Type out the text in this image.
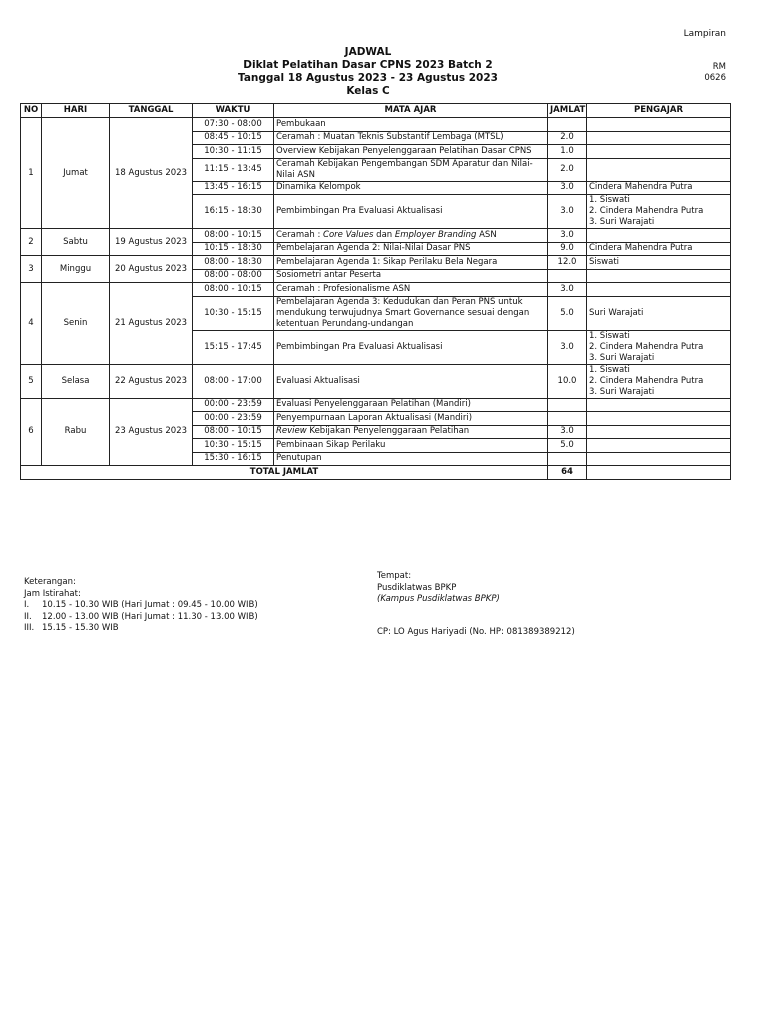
Lampiran
RM
0626
JADWAL
Diklat Pelatihan Dasar CPNS 2023 Batch 2
Tanggal 18 Agustus 2023 - 23 Agustus 2023
Kelas C
NO	HARI	TANGGAL	WAKTU	MATA AJAR	JAMLAT	PENGAJAR
1	Jumat	18 Agustus 2023	07:30 - 08:00	Pembukaan		
			08:45 - 10:15	Ceramah : Muatan Teknis Substantif Lembaga (MTSL)	2.0	
			10:30 - 11:15	Overview Kebijakan Penyelenggaraan Pelatihan Dasar CPNS	1.0	
			11:15 - 13:45	Ceramah Kebijakan Pengembangan SDM Aparatur dan Nilai-Nilai ASN	2.0	
			13:45 - 16:15	Dinamika Kelompok	3.0	Cindera Mahendra Putra

			16:15 - 18:30	Pembimbingan Pra Evaluasi Aktualisasi	3.0	1. Siswati
2. Cindera Mahendra Putra
3. Suri Warajati

2	Sabtu	19 Agustus 2023	08:00 - 10:15	Ceramah : Core Values dan Employer Branding ASN	3.0	
			10:15 - 18:30	Pembelajaran Agenda 2: Nilai-Nilai Dasar PNS	9.0	Cindera Mahendra Putra

3	Minggu	20 Agustus 2023	08:00 - 18:30	Pembelajaran Agenda 1: Sikap Perilaku Bela Negara	12.0	Siswati

			08:00 - 08:00	Sosiometri antar Peserta		
4	Senin	21 Agustus 2023	08:00 - 10:15	Ceramah : Profesionalisme ASN	3.0	
			10:30 - 15:15	Pembelajaran Agenda 3: Kedudukan dan Peran PNS untuk mendukung terwujudnya Smart Governance sesuai dengan ketentuan Perundang-undangan	5.0	Suri Warajati

			15:15 - 17:45	Pembimbingan Pra Evaluasi Aktualisasi	3.0	1. Siswati
2. Cindera Mahendra Putra
3. Suri Warajati

5	Selasa	22 Agustus 2023	08:00 - 17:00	Evaluasi Aktualisasi	10.0	1. Siswati
2. Cindera Mahendra Putra
3. Suri Warajati

6	Rabu	23 Agustus 2023	00:00 - 23:59	Evaluasi Penyelenggaraan Pelatihan (Mandiri)		
			00:00 - 23:59	Penyempurnaan Laporan Aktualisasi (Mandiri)		
			08:00 - 10:15	Review Kebijakan Penyelenggaraan Pelatihan	3.0	
			10:30 - 15:15	Pembinaan Sikap Perilaku	5.0	
			15:30 - 16:15	Penutupan		
TOTAL JAMLAT					64	
Keterangan:
Jam Istirahat:
I. 10.15 - 10.30 WIB (Hari Jumat : 09.45 - 10.00 WIB)
II. 12.00 - 13.00 WIB (Hari Jumat : 11.30 - 13.00 WIB)
III. 15.15 - 15.30 WIB
Tempat:
Pusdiklatwas BPKP
(Kampus Pusdiklatwas BPKP)
CP: LO Agus Hariyadi (No. HP: 081389389212)
